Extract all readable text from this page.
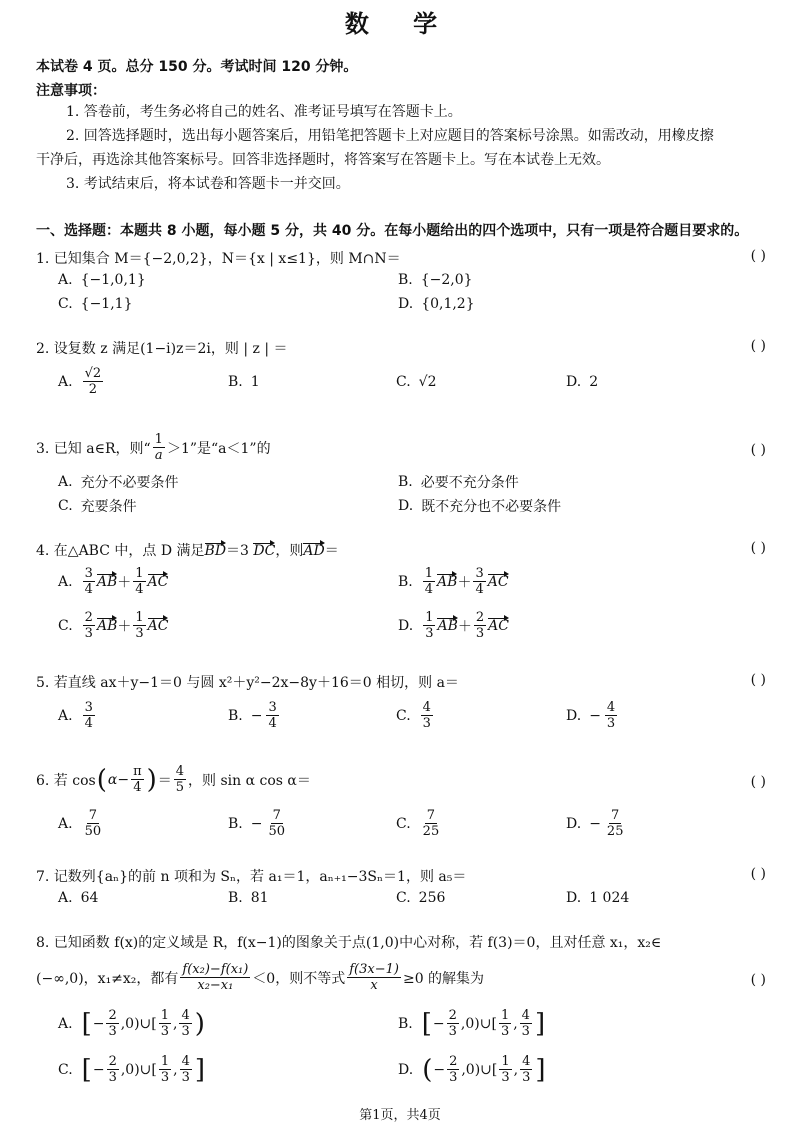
数 学
本试卷 4 页。总分 150 分。考试时间 120 分钟。
注意事项：
1. 答卷前，考生务必将自己的姓名、准考证号填写在答题卡上。
2. 回答选择题时，选出每小题答案后，用铅笔把答题卡上对应题目的答案标号涂黑。如需改动，用橡皮擦
干净后，再选涂其他答案标号。回答非选择题时，将答案写在答题卡上。写在本试卷上无效。
3. 考试结束后，将本试卷和答题卡一并交回。
一、选择题：本题共 8 小题，每小题 5 分，共 40 分。在每小题给出的四个选项中，只有一项是符合题目要求的。
1. 已知集合 M＝{−2,0,2}，N＝{x | x≤1}，则 M∩N＝	( )
A. {−1,0,1}	B. {−2,0}
C. {−1,1}	D. {0,1,2}
2. 设复数 z 满足(1−i)z＝2i，则 | z | ＝	( )
A. $\frac{√2}{2}$	B. 1	C. √2	D. 2
3. 已知 a∈R，则“ $\frac{1}{a} >1$”是“a＜1”的	( )
A. 充分不必要条件	B. 必要不充分条件
C. 充要条件	D. 既不充分也不必要条件
4. 在△ABC 中，点 D 满足BD＝3 DC，则AD＝	( )
A. $\frac{3}{4}$ AB ＋ $\frac{1}{4}$ AC	B. $\frac{1}{4}$ AB ＋ $\frac{3}{4}$ AC
C. $\frac{2}{3}$ AB ＋ $\frac{1}{3}$ AC	D. $\frac{1}{3}$ AB ＋ $\frac{2}{3}$ AC
5. 若直线 ax＋y−1＝0 与圆 x²＋y²−2x−8y＋16＝0 相切，则 a＝	( )
A. $\frac{3}{4}$	B. − $\frac{3}{4}$	C. $\frac{4}{3}$	D. − $\frac{4}{3}$
6. 若 cos ( $\alpha- \frac{\pi}{4}$ ) ＝ $\frac{4}{5}$ ，则 sin α cos α＝	( )
A. $\frac{7}{50}$	B. − $\frac{7}{50}$	C. $\frac{7}{25}$	D. − $\frac{7}{25}$
7. 记数列{aₙ}的前 n 项和为 Sₙ，若 a₁＝1，aₙ₊₁−3Sₙ＝1，则 a₅＝	( )
A. 64	B. 81	C. 256	D. 1 024
8. 已知函数 f(x)的定义域是 R，f(x−1)的图象关于点(1,0)中心对称，若 f(3)＝0，且对任意 x₁，x₂∈
(−∞,0)，x₁≠x₂，都有 $\frac{\text{f(x₂)−f(x₁)}}{\text{x₂−x₁}} <0$，则不等式 $\frac{f(3x-1)}{x} \ge 0$ 的解集为	( )
A. [ − $\frac{2}{3}$ ,0)∪[ $\frac{1}{3}$ , $\frac{4}{3}$ )	B. [ − $\frac{2}{3}$ ,0)∪[ $\frac{1}{3}$ , $\frac{4}{3}$ ]
C. [ − $\frac{2}{3}$ ,0)∪[ $\frac{1}{3}$ , $\frac{4}{3}$ ]	D. ( − $\frac{2}{3}$ ,0)∪[ $\frac{1}{3}$ , $\frac{4}{3}$ ]
第1页，共4页
